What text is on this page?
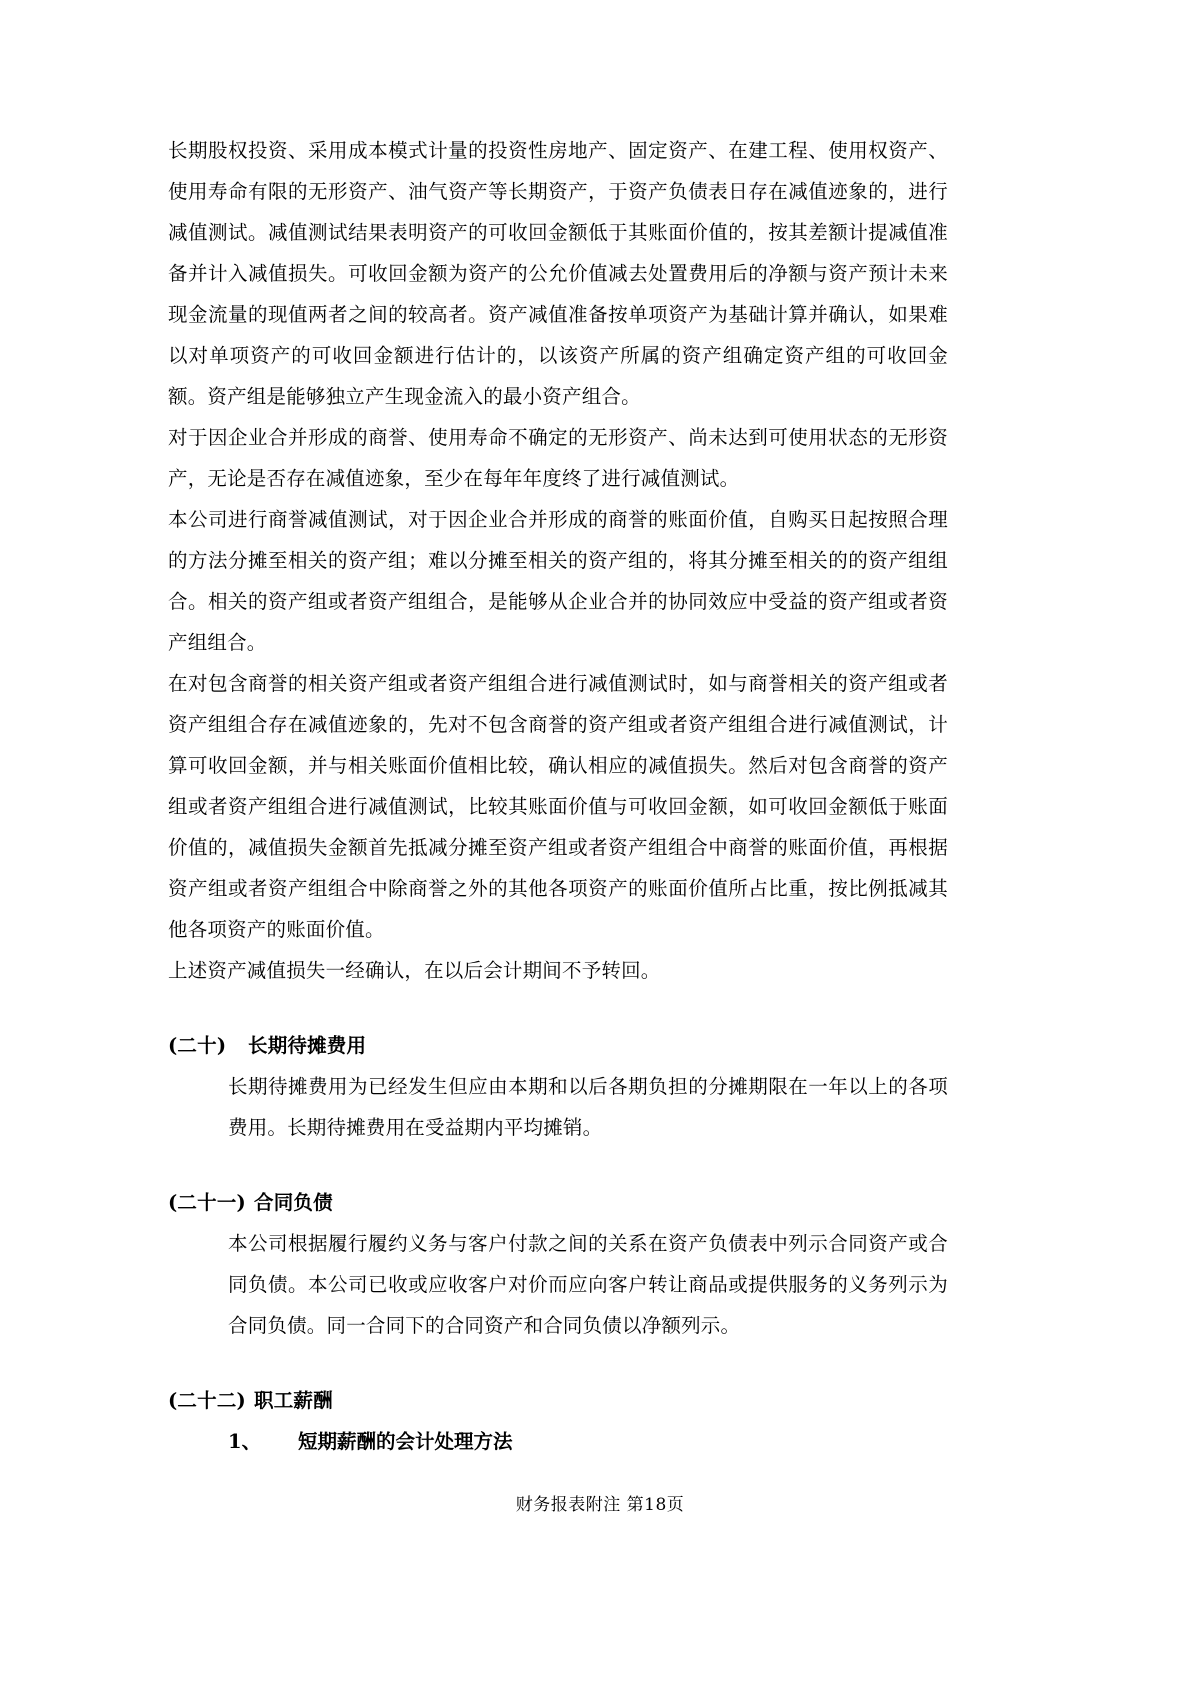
长期股权投资、采用成本模式计量的投资性房地产、固定资产、在建工程、使用权资产、使用寿命有限的无形资产、油气资产等长期资产，于资产负债表日存在减值迹象的，进行减值测试。减值测试结果表明资产的可收回金额低于其账面价值的，按其差额计提减值准备并计入减值损失。可收回金额为资产的公允价值减去处置费用后的净额与资产预计未来现金流量的现值两者之间的较高者。资产减值准备按单项资产为基础计算并确认，如果难以对单项资产的可收回金额进行估计的，以该资产所属的资产组确定资产组的可收回金额。资产组是能够独立产生现金流入的最小资产组合。

对于因企业合并形成的商誉、使用寿命不确定的无形资产、尚未达到可使用状态的无形资产，无论是否存在减值迹象，至少在每年年度终了进行减值测试。

本公司进行商誉减值测试，对于因企业合并形成的商誉的账面价值，自购买日起按照合理的方法分摊至相关的资产组；难以分摊至相关的资产组的，将其分摊至相关的的资产组组合。相关的资产组或者资产组组合，是能够从企业合并的协同效应中受益的资产组或者资产组组合。

在对包含商誉的相关资产组或者资产组组合进行减值测试时，如与商誉相关的资产组或者资产组组合存在减值迹象的，先对不包含商誉的资产组或者资产组组合进行减值测试，计算可收回金额，并与相关账面价值相比较，确认相应的减值损失。然后对包含商誉的资产组或者资产组组合进行减值测试，比较其账面价值与可收回金额，如可收回金额低于账面价值的，减值损失金额首先抵减分摊至资产组或者资产组组合中商誉的账面价值，再根据资产组或者资产组组合中除商誉之外的其他各项资产的账面价值所占比重，按比例抵减其他各项资产的账面价值。

上述资产减值损失一经确认，在以后会计期间不予转回。

(二十) 长期待摊费用

长期待摊费用为已经发生但应由本期和以后各期负担的分摊期限在一年以上的各项费用。长期待摊费用在受益期内平均摊销。

(二十一) 合同负债

本公司根据履行履约义务与客户付款之间的关系在资产负债表中列示合同资产或合同负债。本公司已收或应收客户对价而应向客户转让商品或提供服务的义务列示为合同负债。同一合同下的合同资产和合同负债以净额列示。

(二十二) 职工薪酬
1、 短期薪酬的会计处理方法
财务报表附注 第18页
